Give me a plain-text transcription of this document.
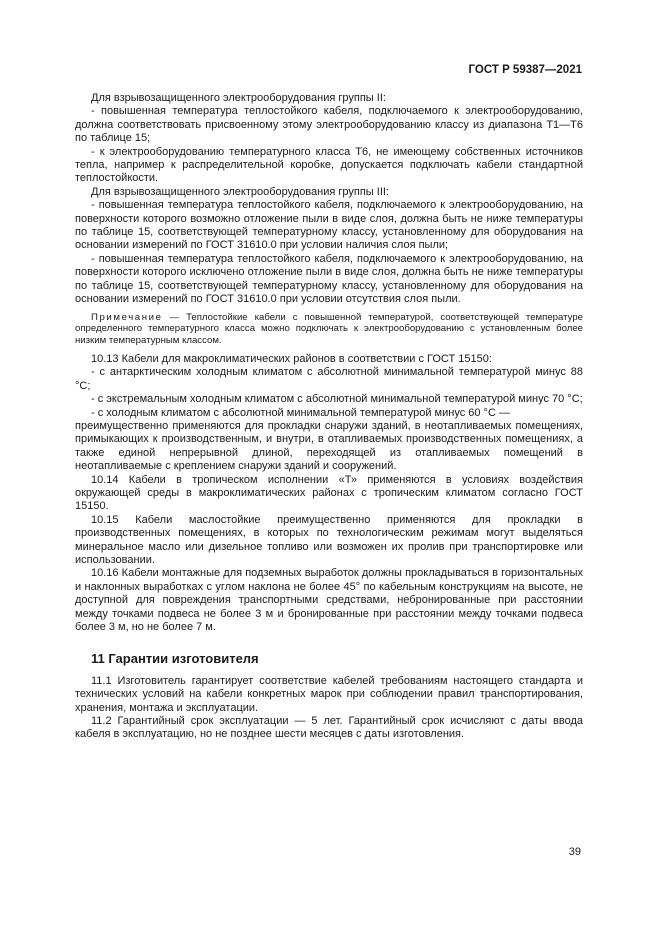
ГОСТ Р 59387—2021

Для взрывозащищенного электрооборудования группы II:

- повышенная температура теплостойкого кабеля, подключаемого к электрооборудованию, должна соответствовать присвоенному этому электрооборудованию классу из диапазона Т1—Т6 по таблице 15;

- к электрооборудованию температурного класса Т6, не имеющему собственных источников тепла, например к распределительной коробке, допускается подключать кабели стандартной теплостойкости.

Для взрывозащищенного электрооборудования группы III:

- повышенная температура теплостойкого кабеля, подключаемого к электрооборудованию, на поверхности которого возможно отложение пыли в виде слоя, должна быть не ниже температуры по таблице 15, соответствующей температурному классу, установленному для оборудования на основании измерений по ГОСТ 31610.0 при условии наличия слоя пыли;

- повышенная температура теплостойкого кабеля, подключаемого к электрооборудованию, на поверхности которого исключено отложение пыли в виде слоя, должна быть не ниже температуры по таблице 15, соответствующей температурному классу, установленному для оборудования на основании измерений по ГОСТ 31610.0 при условии отсутствия слоя пыли.

Примечание — Теплостойкие кабели с повышенной температурой, соответствующей температуре определенного температурного класса можно подключать к электрооборудованию с установленным более низким температурным классом.

10.13 Кабели для макроклиматических районов в соответствии с ГОСТ 15150:

- с антарктическим холодным климатом с абсолютной минимальной температурой минус 88 °С;

- с экстремальным холодным климатом с абсолютной минимальной температурой минус 70 °С;

- с холодным климатом с абсолютной минимальной температурой минус 60 °С —

преимущественно применяются для прокладки снаружи зданий, в неотапливаемых помещениях, примыкающих к производственным, и внутри, в отапливаемых производственных помещениях, а также единой непрерывной длиной, переходящей из отапливаемых помещений в неотапливаемые с креплением снаружи зданий и сооружений.

10.14 Кабели в тропическом исполнении «Т» применяются в условиях воздействия окружающей среды в макроклиматических районах с тропическим климатом согласно ГОСТ 15150.

10.15 Кабели маслостойкие преимущественно применяются для прокладки в производственных помещениях, в которых по технологическим режимам могут выделяться минеральное масло или дизельное топливо или возможен их пролив при транспортировке или использовании.

10.16 Кабели монтажные для подземных выработок должны прокладываться в горизонтальных и наклонных выработках с углом наклона не более 45° по кабельным конструкциям на высоте, не доступной для повреждения транспортными средствами, небронированные при расстоянии между точками подвеса не более 3 м и бронированные при расстоянии между точками подвеса более 3 м, но не более 7 м.

11 Гарантии изготовителя

11.1 Изготовитель гарантирует соответствие кабелей требованиям настоящего стандарта и технических условий на кабели конкретных марок при соблюдении правил транспортирования, хранения, монтажа и эксплуатации.

11.2 Гарантийный срок эксплуатации — 5 лет. Гарантийный срок исчисляют с даты ввода кабеля в эксплуатацию, но не позднее шести месяцев с даты изготовления.

39
